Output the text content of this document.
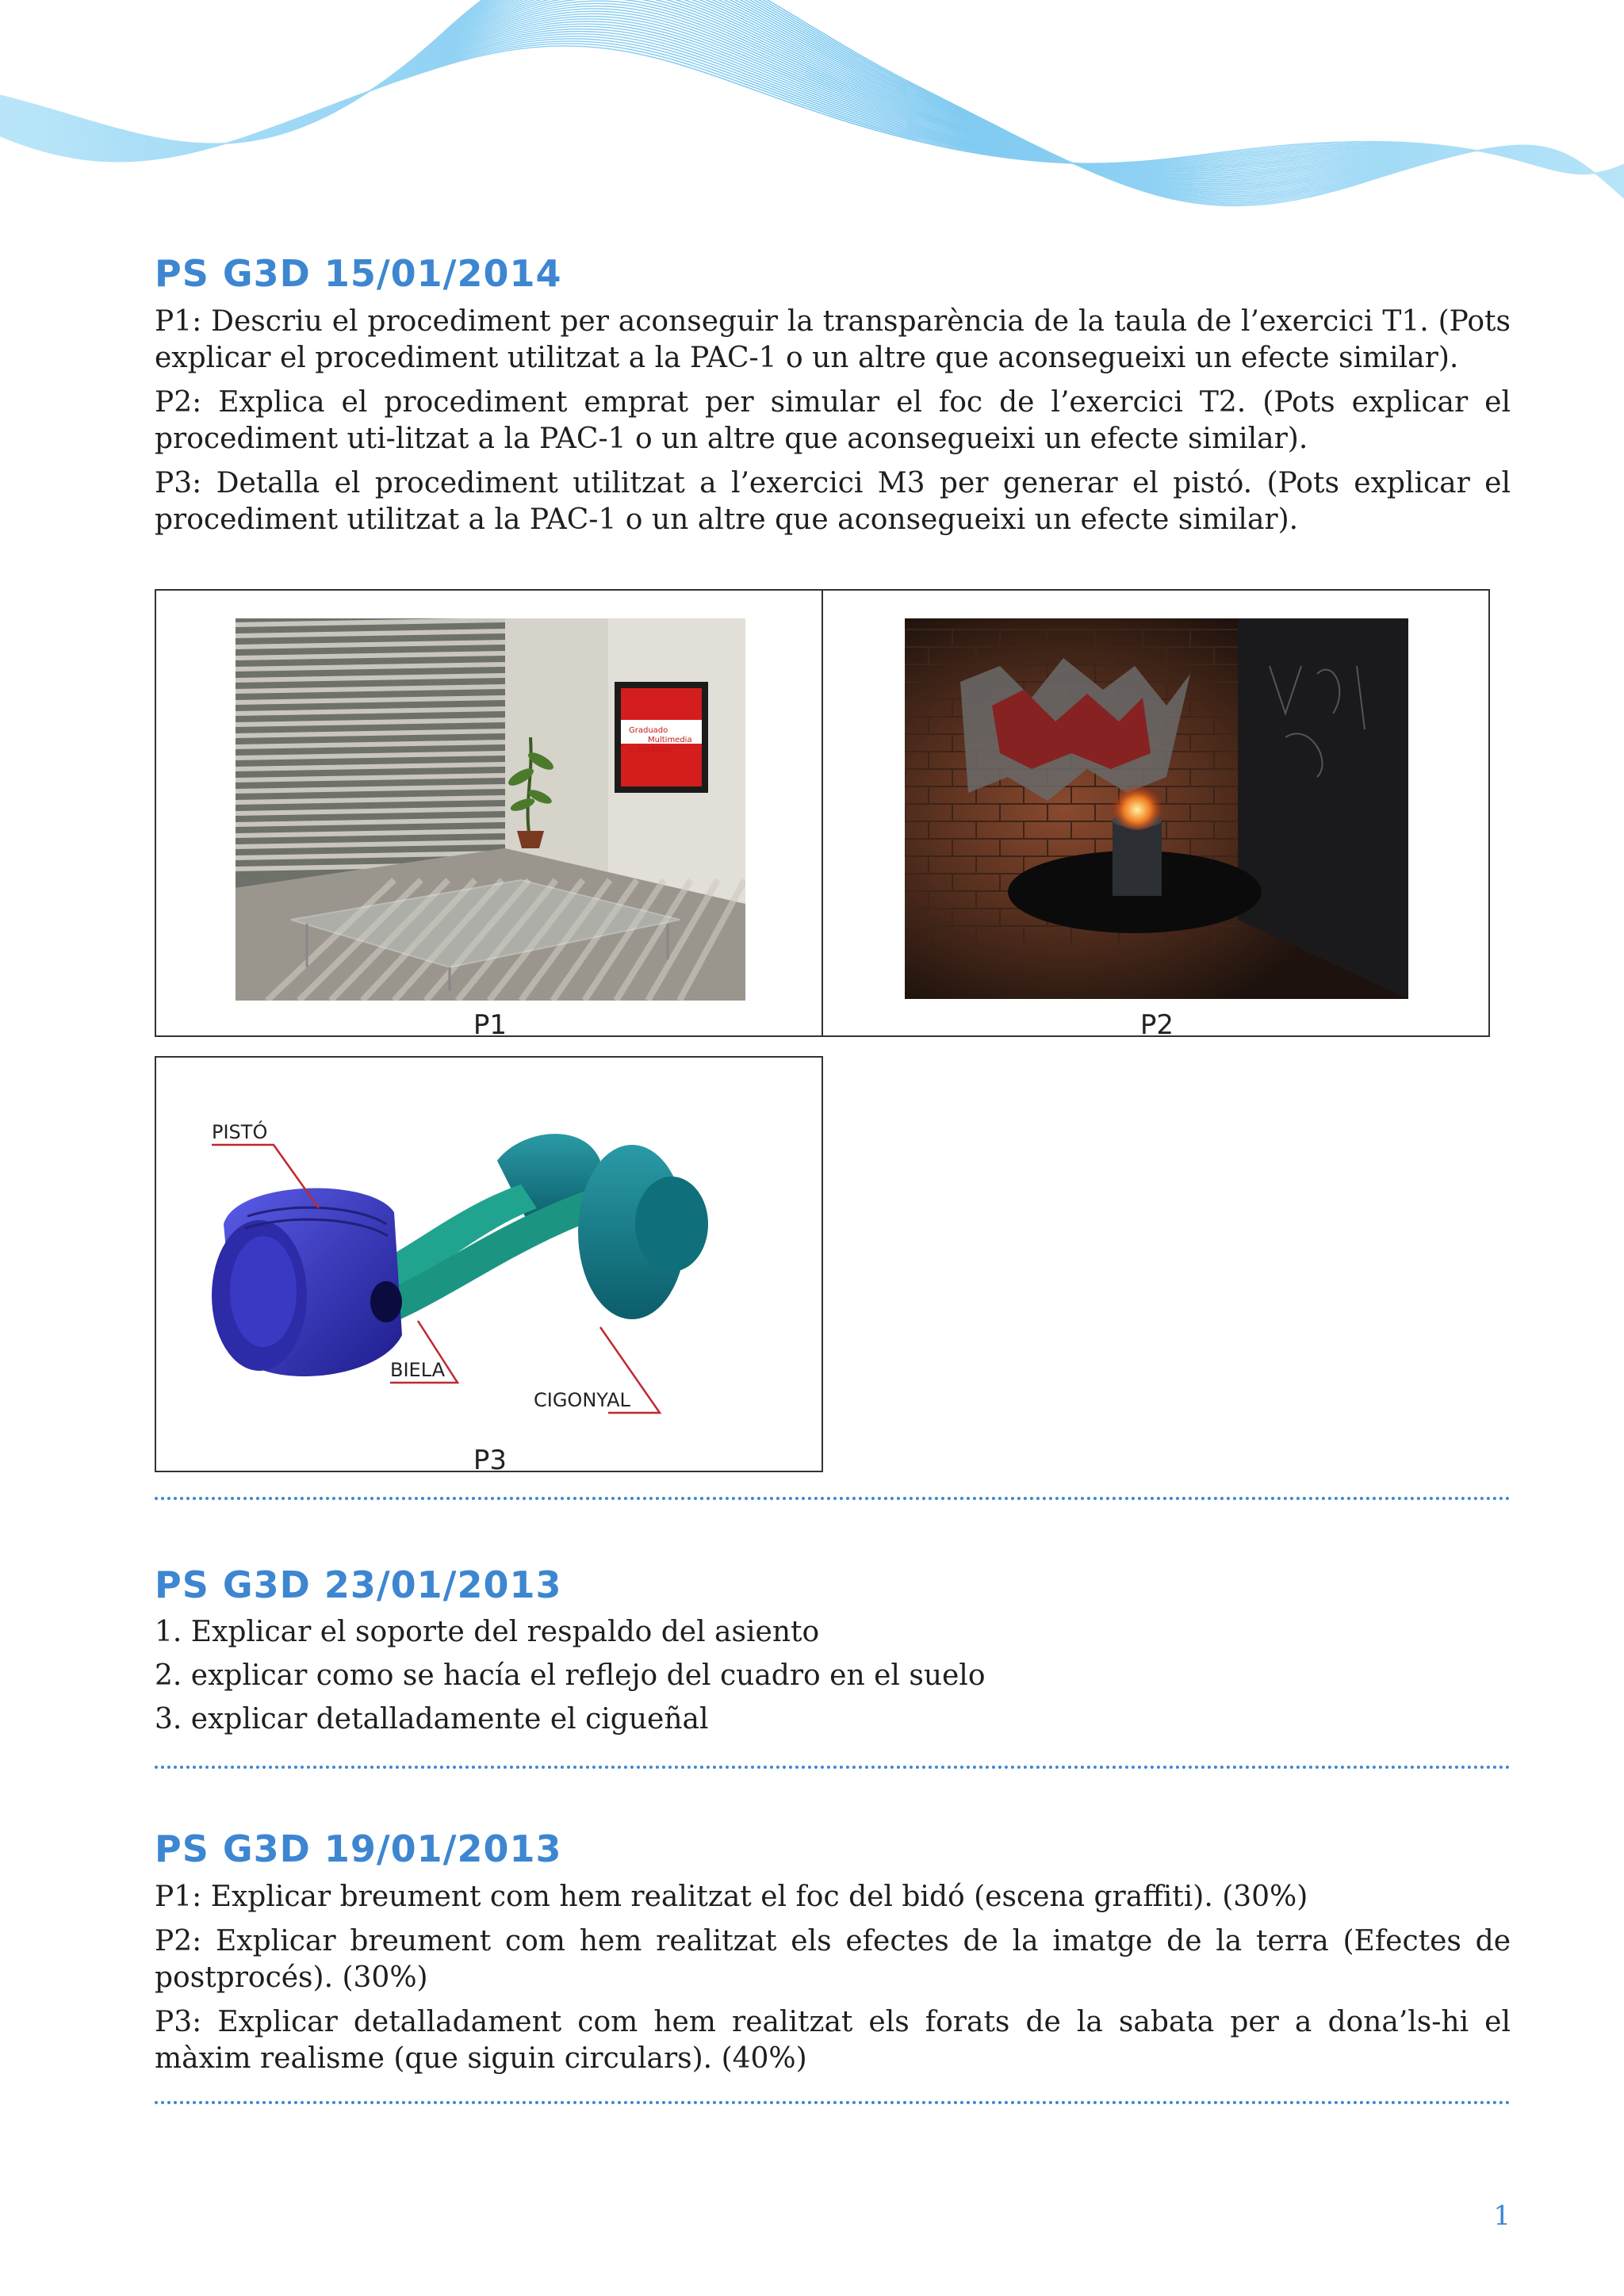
PS G3D 15/01/2014

P1: Descriu el procediment per aconseguir la transparència de la taula de l’exercici T1. (Pots explicar el procediment utilitzat a la PAC-1 o un altre que aconsegueixi un efecte similar).

P2: Explica el procediment emprat per simular el foc de l’exercici T2. (Pots explicar el procediment uti-litzat a la PAC-1 o un altre que aconsegueixi un efecte similar).

P3: Detalla el procediment utilitzat a l’exercici M3 per generar el pistó. (Pots explicar el procediment utilitzat a la PAC-1 o un altre que aconsegueixi un efecte similar).

Graduado
Multimedia
a distancia
P1	P2
PISTÓ
BIELA
CIGONYAL
P3
PS G3D 23/01/2013

1. Explicar el soporte del respaldo del asiento

2. explicar como se hacía el reflejo del cuadro en el suelo

3. explicar detalladamente el cigueñal

PS G3D 19/01/2013

P1: Explicar breument com hem realitzat el foc del bidó (escena graffiti). (30%)

P2: Explicar breument com hem realitzat els efectes de la imatge de la terra (Efectes de postprocés). (30%)

P3: Explicar detalladament com hem realitzat els forats de la sabata per a dona’ls-hi el màxim realisme (que siguin circulars). (40%)

1
